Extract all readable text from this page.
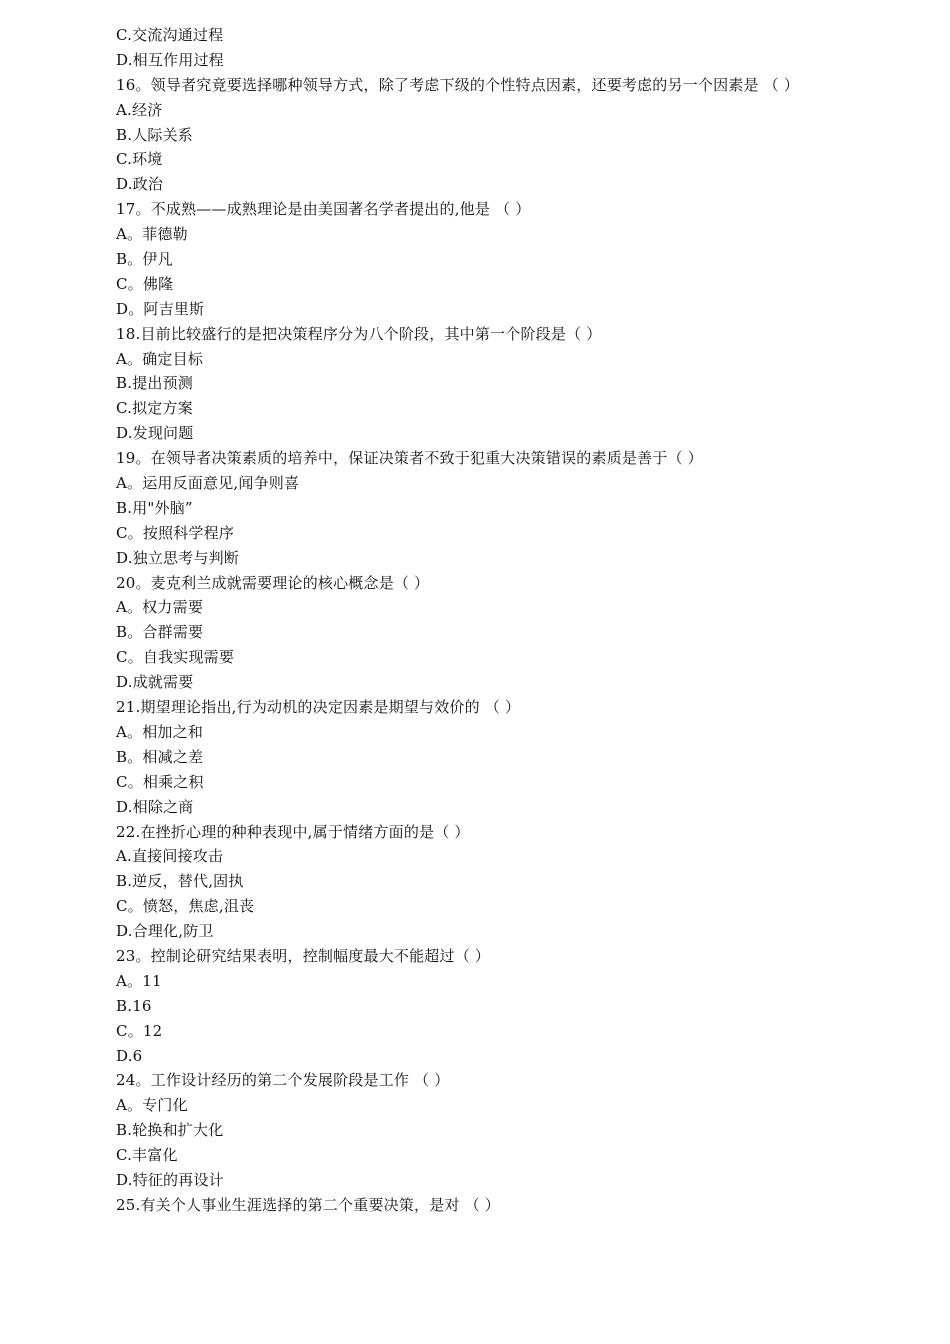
C.交流沟通过程
D.相互作用过程
16。领导者究竟要选择哪种领导方式，除了考虑下级的个性特点因素，还要考虑的另一个因素是 （ ）
A.经济
B.人际关系
C.环境
D.政治
17。不成熟——成熟理论是由美国著名学者提出的,他是 （ ）
A。菲德勒
B。伊凡
C。佛隆
D。阿吉里斯
18.目前比较盛行的是把决策程序分为八个阶段，其中第一个阶段是（ ）
A。确定目标
B.提出预测
C.拟定方案
D.发现问题
19。在领导者决策素质的培养中，保证决策者不致于犯重大决策错误的素质是善于（ ）
A。运用反面意见,闻争则喜
B.用"外脑”
C。按照科学程序
D.独立思考与判断
20。麦克利兰成就需要理论的核心概念是（ ）
A。权力需要
B。合群需要
C。自我实现需要
D.成就需要
21.期望理论指出,行为动机的决定因素是期望与效价的 （ ）
A。相加之和
B。相减之差
C。相乘之积
D.相除之商
22.在挫折心理的种种表现中,属于情绪方面的是（ ）
A.直接间接攻击
B.逆反，替代,固执
C。愤怒，焦虑,沮丧
D.合理化,防卫
23。控制论研究结果表明，控制幅度最大不能超过（ ）
A。11
B.16
C。12
D.6
24。工作设计经历的第二个发展阶段是工作 （ ）
A。专门化
B.轮换和扩大化
C.丰富化
D.特征的再设计
25.有关个人事业生涯选择的第二个重要决策，是对 （ ）
